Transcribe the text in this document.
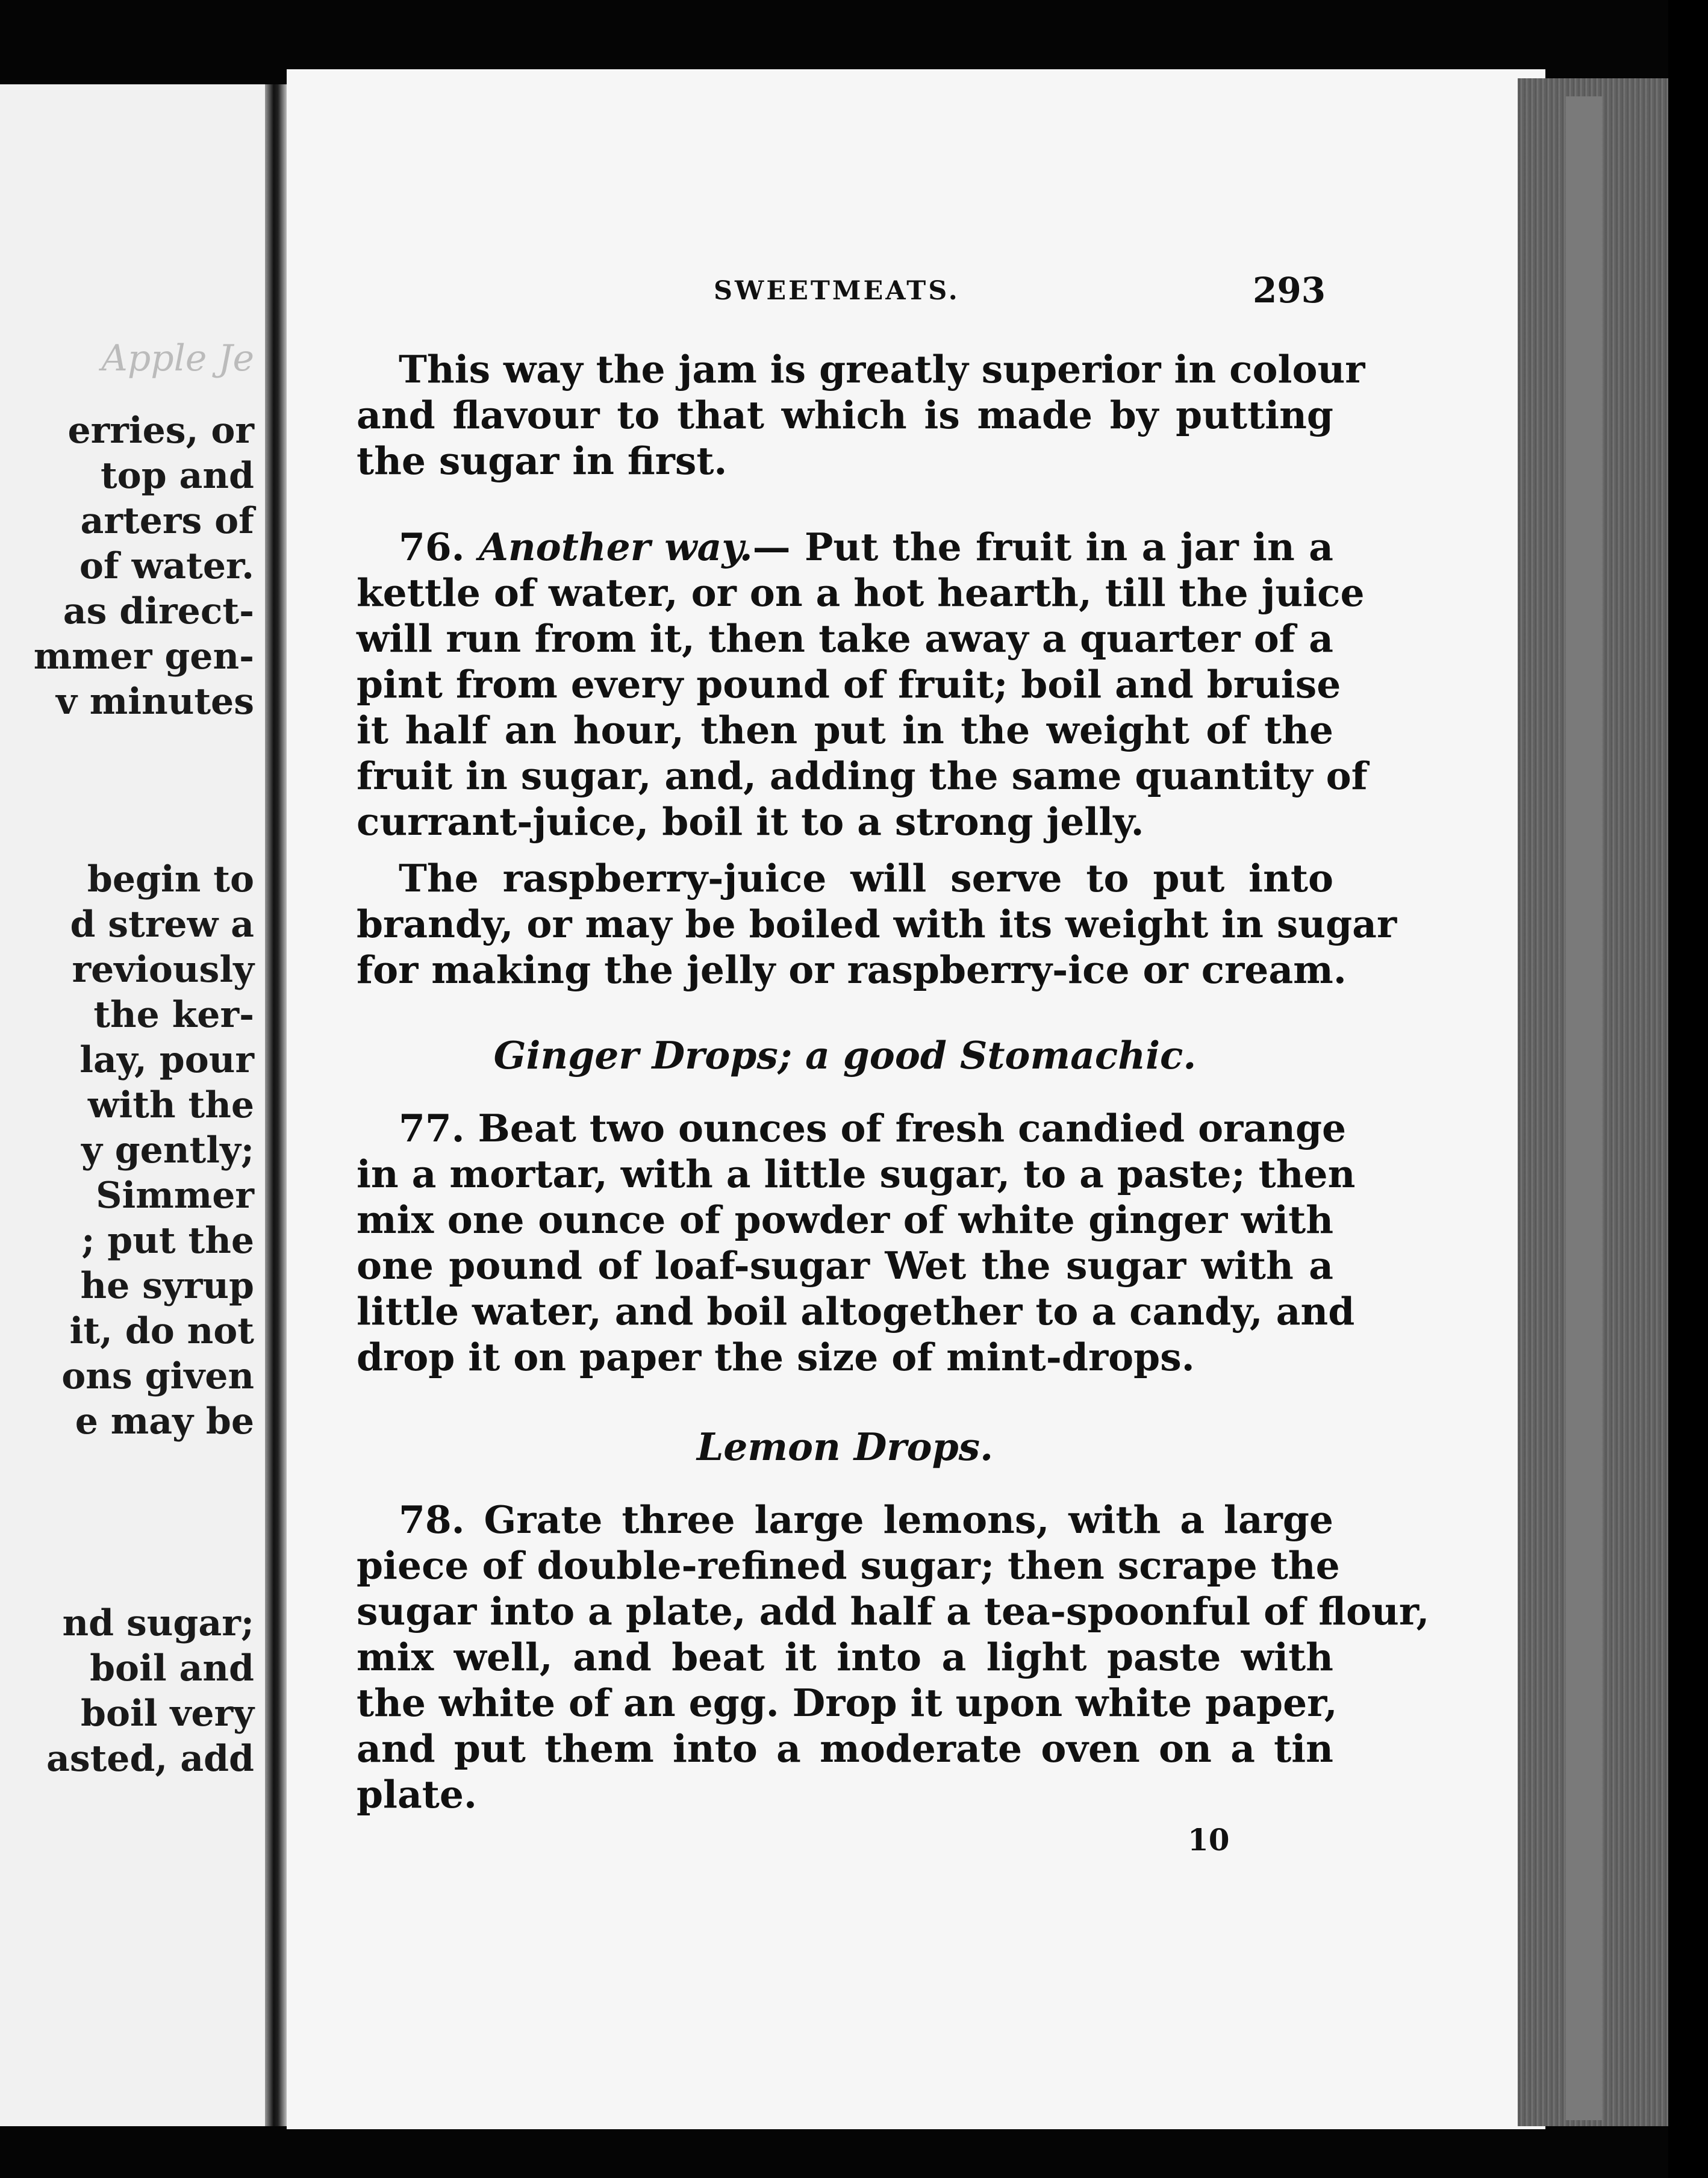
Apple Je
erries, or
top and
arters of
of water.
as direct-
mmer gen-
v minutes
begin to
d strew a
reviously
the ker-
lay, pour
with the
y gently;
Simmer
; put the
he syrup
it, do not
ons given
e may be
nd sugar;
boil and
boil very
asted, add
SWEETMEATS.	293
This way the jam is greatly superior in colour
and flavour to that which is made by putting
the sugar in first.
76. Another way.— Put the fruit in a jar in a
kettle of water, or on a hot hearth, till the juice
will run from it, then take away a quarter of a
pint from every pound of fruit; boil and bruise
it half an hour, then put in the weight of the
fruit in sugar, and, adding the same quantity of
currant-juice, boil it to a strong jelly.
The raspberry-juice will serve to put into
brandy, or may be boiled with its weight in sugar
for making the jelly or raspberry-ice or cream.
Ginger Drops; a good Stomachic.
77. Beat two ounces of fresh candied orange
in a mortar, with a little sugar, to a paste; then
mix one ounce of powder of white ginger with
one pound of loaf-sugar Wet the sugar with a
little water, and boil altogether to a candy, and
drop it on paper the size of mint-drops.
Lemon Drops.
78. Grate three large lemons, with a large
piece of double-refined sugar; then scrape the
sugar into a plate, add half a tea-spoonful of flour,
mix well, and beat it into a light paste with
the white of an egg. Drop it upon white paper,
and put them into a moderate oven on a tin
plate.
10
